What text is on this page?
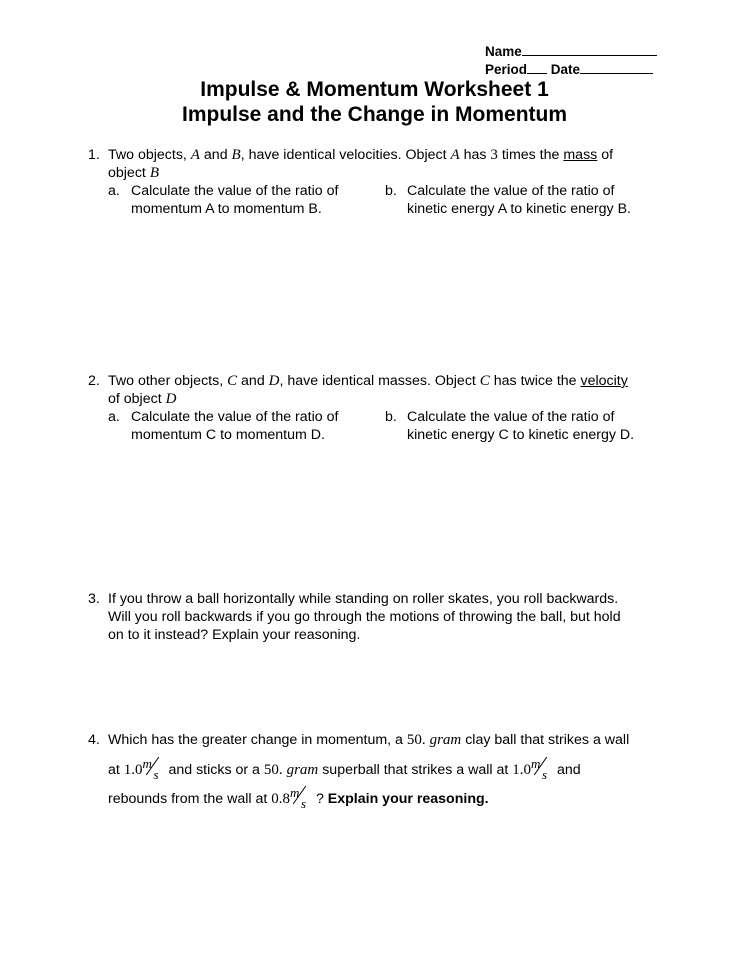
Name
Period Date
Impulse & Momentum Worksheet 1
Impulse and the Change in Momentum
1. Two objects, A and B, have identical velocities. Object A has 3 times the mass of
object B
a. Calculate the value of the ratio of
momentum A to momentum B.
b. Calculate the value of the ratio of
kinetic energy A to kinetic energy B.
2. Two other objects, C and D, have identical masses. Object C has twice the velocity
of object D
a. Calculate the value of the ratio of
momentum C to momentum D.
b. Calculate the value of the ratio of
kinetic energy C to kinetic energy D.
3. If you throw a ball horizontally while standing on roller skates, you roll backwards.
Will you roll backwards if you go through the motions of throwing the ball, but hold
on to it instead? Explain your reasoning.
4. Which has the greater change in momentum, a 50. gram clay ball that strikes a wall
at 1.0 m
s and sticks or a 50. gram superball that strikes a wall at 1.0 m
s and
rebounds from the wall at 0.8 m
s ? Explain your reasoning.
